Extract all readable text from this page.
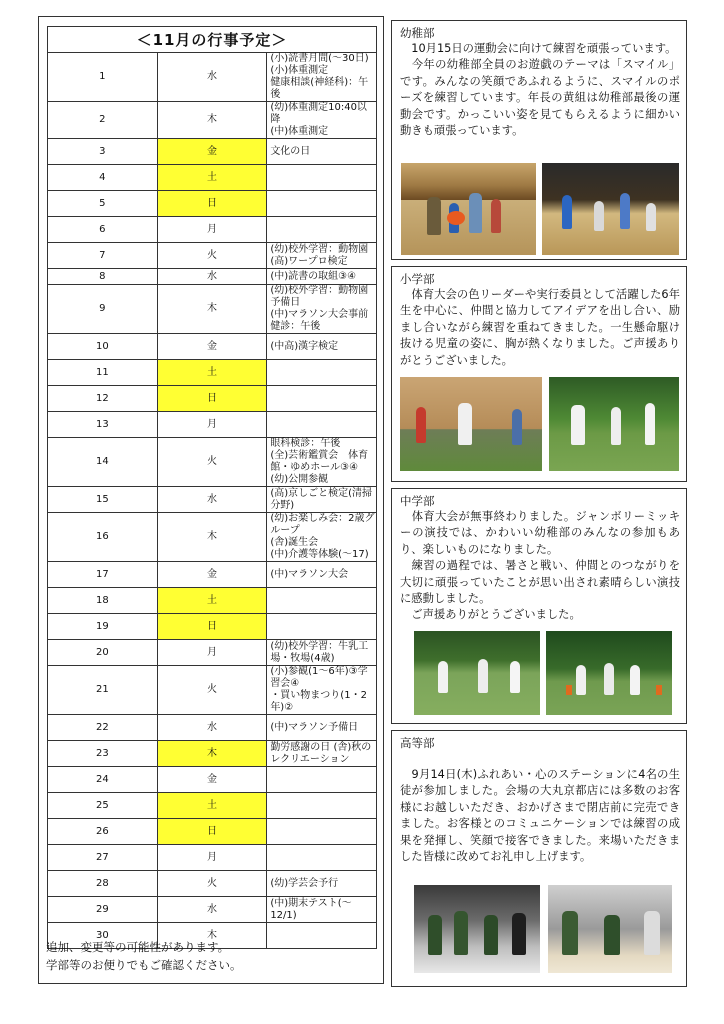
＜11月の行事予定＞		
1	水	(小)読書月間(〜30日)
(小)体重測定
健康相談(神経科)：午後
2	木	(幼)体重測定10:40以降
(中)体重測定
3	金	文化の日
4	土	
5	日	
6	月	
7	火	(幼)校外学習：動物園
(高)ワープロ検定
8	水	(中)読書の取組③④
9	木	(幼)校外学習：動物園予備日
(中)マラソン大会事前健診：午後
10	金	(中高)漢字検定
11	土	
12	日	
13	月	
14	火	眼科検診：午後
(全)芸術鑑賞会　体育館・ゆめホール③④
(幼)公開参観
15	水	(高)京しごと検定(清掃分野)
16	木	(幼)お楽しみ会：2歳グループ
(舎)誕生会
(中)介護等体験(〜17)
17	金	(中)マラソン大会
18	土	
19	日	
20	月	(幼)校外学習：牛乳工場・牧場(4歳)
21	火	(小)参観(1〜6年)③学習会④
・買い物まつり(1・2年)②
22	水	(中)マラソン予備日
23	木	勤労感謝の日 (舎)秋のレクリエーション
24	金	
25	土	
26	日	
27	月	
28	火	(幼)学芸会予行
29	水	(中)期末テスト(〜12/1)
30	木	
追加、変更等の可能性があります。
学部等のお便りでもご確認ください。
幼稚部
　10月15日の運動会に向けて練習を頑張っています。
　今年の幼稚部全員のお遊戯のテーマは「スマイル」です。みんなの笑顔であふれるように、スマイルのポーズを練習しています。年長の黄組は幼稚部最後の運動会です。かっこいい姿を見てもらえるように細かい動きも頑張っています。
小学部
　体育大会の色リーダーや実行委員として活躍した6年生を中心に、仲間と協力してアイデアを出し合い、励まし合いながら練習を重ねてきました。一生懸命駆け抜ける児童の姿に、胸が熱くなりました。ご声援ありがとうございました。
中学部
　体育大会が無事終わりました。ジャンボリーミッキーの演技では、かわいい幼稚部のみんなの参加もあり、楽しいものになりました。
　練習の過程では、暑さと戦い、仲間とのつながりを大切に頑張っていたことが思い出され素晴らしい演技に感動しました。
　ご声援ありがとうございました。
高等部
　9月14日(木)ふれあい・心のステーションに4名の生徒が参加しました。会場の大丸京都店には多数のお客様にお越しいただき、おかげさまで閉店前に完売できました。お客様とのコミュニケーションでは練習の成果を発揮し、笑顔で接客できました。来場いただきました皆様に改めてお礼申し上げます。
